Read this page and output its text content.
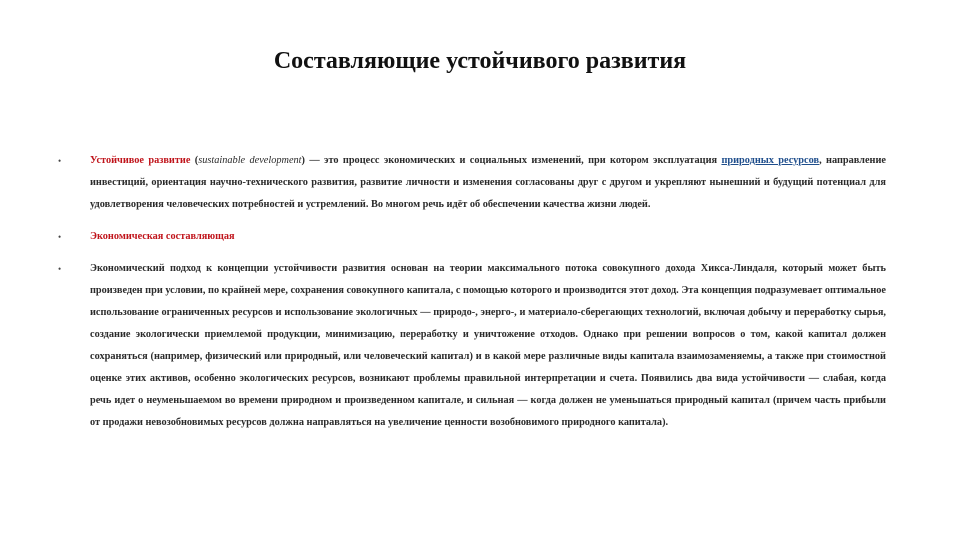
Составляющие устойчивого развития
•	Устойчивое развитие (sustainable development) — это процесс экономических и социальных изменений, при котором эксплуатация природных ресурсов, направление инвестиций, ориентация научно-технического развития, развитие личности и изменения согласованы друг с другом и укрепляют нынешний и будущий потенциал для удовлетворения человеческих потребностей и устремлений. Во многом речь идёт об обеспечении качества жизни людей.
•	Экономическая составляющая
•	Экономический подход к концепции устойчивости развития основан на теории максимального потока совокупного дохода Хикса-Линдаля, который может быть произведен при условии, по крайней мере, сохранения совокупного капитала, с помощью которого и производится этот доход. Эта концепция подразумевает оптимальное использование ограниченных ресурсов и использование экологичных — природо-, энерго-, и материало-сберегающих технологий, включая добычу и переработку сырья, создание экологически приемлемой продукции, минимизацию, переработку и уничтожение отходов. Однако при решении вопросов о том, какой капитал должен сохраняться (например, физический или природный, или человеческий капитал) и в какой мере различные виды капитала взаимозаменяемы, а также при стоимостной оценке этих активов, особенно экологических ресурсов, возникают проблемы правильной интерпретации и счета. Появились два вида устойчивости — слабая, когда речь идет о неуменьшаемом во времени природном и произведенном капитале, и сильная — когда должен не уменьшаться природный капитал (причем часть прибыли от продажи невозобновимых ресурсов должна направляться на увеличение ценности возобновимого природного капитала).
